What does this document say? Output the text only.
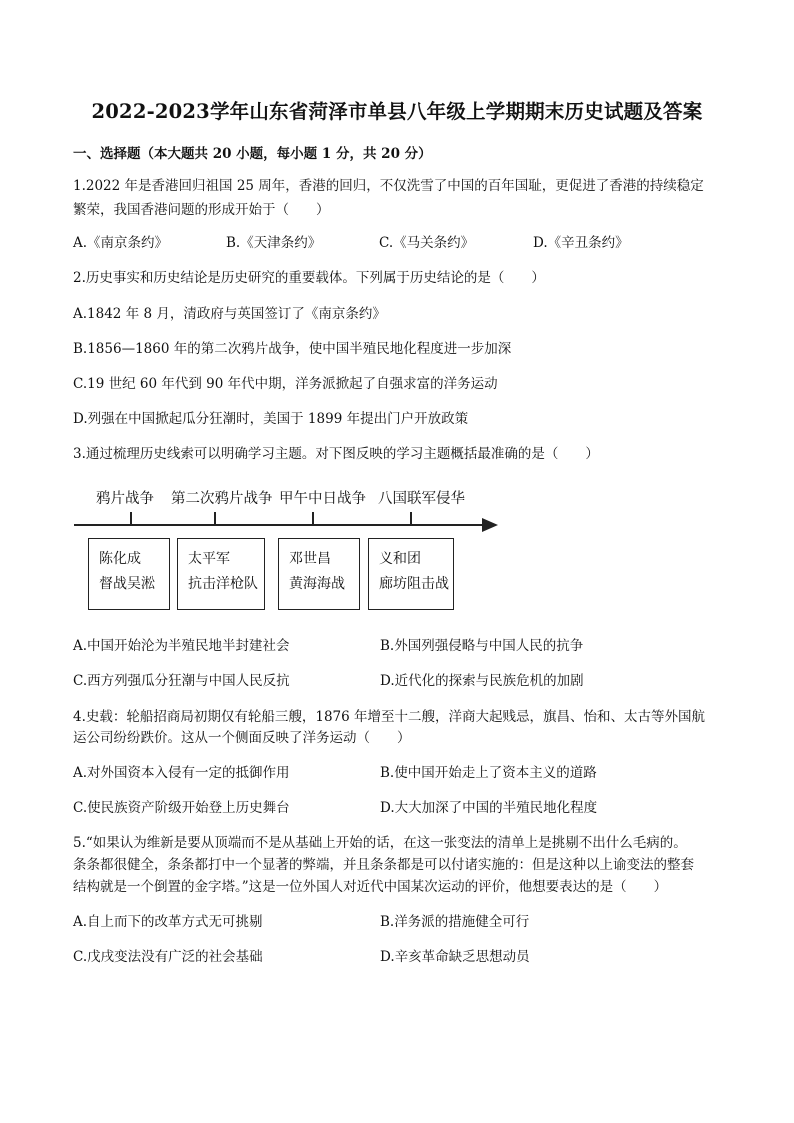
2022-2023学年山东省菏泽市单县八年级上学期期末历史试题及答案
一、选择题（本大题共 20 小题，每小题 1 分，共 20 分）
1.2022 年是香港回归祖国 25 周年，香港的回归，不仅洗雪了中国的百年国耻，更促进了香港的持续稳定
繁荣，我国香港问题的形成开始于（　　）
A.《南京条约》	B.《天津条约》	C.《马关条约》	D.《辛丑条约》
2.历史事实和历史结论是历史研究的重要载体。下列属于历史结论的是（　　）
A.1842 年 8 月，清政府与英国签订了《南京条约》
B.1856—1860 年的第二次鸦片战争，使中国半殖民地化程度进一步加深
C.19 世纪 60 年代到 90 年代中期，洋务派掀起了自强求富的洋务运动
D.列强在中国掀起瓜分狂潮时，美国于 1899 年提出门户开放政策
3.通过梳理历史线索可以明确学习主题。对下图反映的学习主题概括最准确的是（　　）
鸦片战争 第二次鸦片战争 甲午中日战争 八国联军侵华
陈化成
督战吴淞
太平军
抗击洋枪队
邓世昌
黄海海战
义和团
廊坊阻击战
A.中国开始沦为半殖民地半封建社会	B.外国列强侵略与中国人民的抗争
C.西方列强瓜分狂潮与中国人民反抗	D.近代化的探索与民族危机的加剧
4.史载：轮船招商局初期仅有轮船三艘，1876 年增至十二艘，洋商大起贱忌，旗昌、怡和、太古等外国航
运公司纷纷跌价。这从一个侧面反映了洋务运动（　　）
A.对外国资本入侵有一定的抵御作用	B.使中国开始走上了资本主义的道路
C.使民族资产阶级开始登上历史舞台	D.大大加深了中国的半殖民地化程度
5.“如果认为维新是要从顶端而不是从基础上开始的话，在这一张变法的清单上是挑剔不出什么毛病的。
条条都很健全，条条都打中一个显著的弊端，并且条条都是可以付诸实施的：但是这种以上谕变法的整套
结构就是一个倒置的金字塔。”这是一位外国人对近代中国某次运动的评价，他想要表达的是（　　）
A.自上而下的改革方式无可挑剔	B.洋务派的措施健全可行
C.戊戌变法没有广泛的社会基础	D.辛亥革命缺乏思想动员
